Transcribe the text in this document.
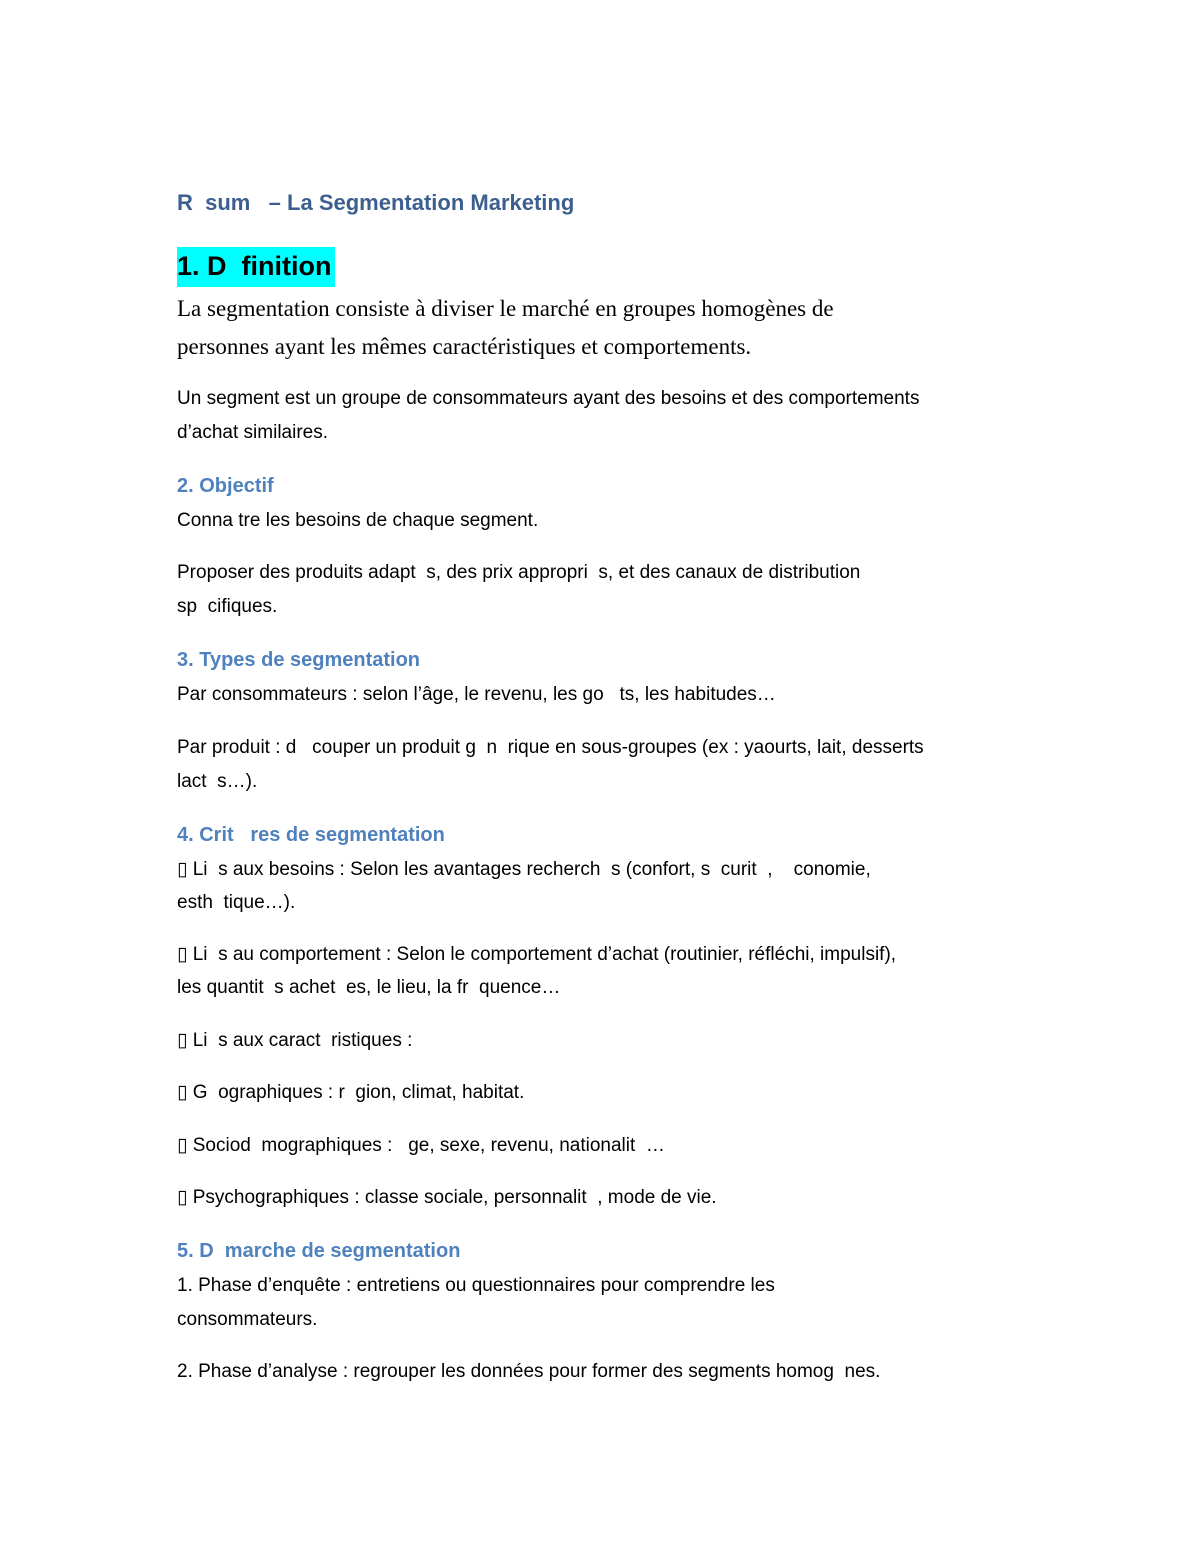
R  sum   – La Segmentation Marketing
1. D  finition

La segmentation consiste à diviser le marché en groupes homogènes de

personnes ayant les mêmes caractéristiques et comportements.

Un segment est un groupe de consommateurs ayant des besoins et des comportements

d’achat similaires.

2. Objectif

Conna tre les besoins de chaque segment.

Proposer des produits adapt  s, des prix appropri  s, et des canaux de distribution

sp  cifiques.

3. Types de segmentation

Par consommateurs : selon l’âge, le revenu, les go   ts, les habitudes…

Par produit : d   couper un produit g  n  rique en sous-groupes (ex : yaourts, lait, desserts

lact  s…).

4. Crit   res de segmentation

▯ Li  s aux besoins : Selon les avantages recherch  s (confort, s  curit  ,    conomie,

esth  tique…).

▯ Li  s au comportement : Selon le comportement d’achat (routinier, réfléchi, impulsif),

les quantit  s achet  es, le lieu, la fr  quence…

▯ Li  s aux caract  ristiques :

▯ G  ographiques : r  gion, climat, habitat.

▯ Sociod  mographiques :   ge, sexe, revenu, nationalit  …

▯ Psychographiques : classe sociale, personnalit  , mode de vie.

5. D  marche de segmentation

1. Phase d’enquête : entretiens ou questionnaires pour comprendre les

consommateurs.

2. Phase d’analyse : regrouper les données pour former des segments homog  nes.
